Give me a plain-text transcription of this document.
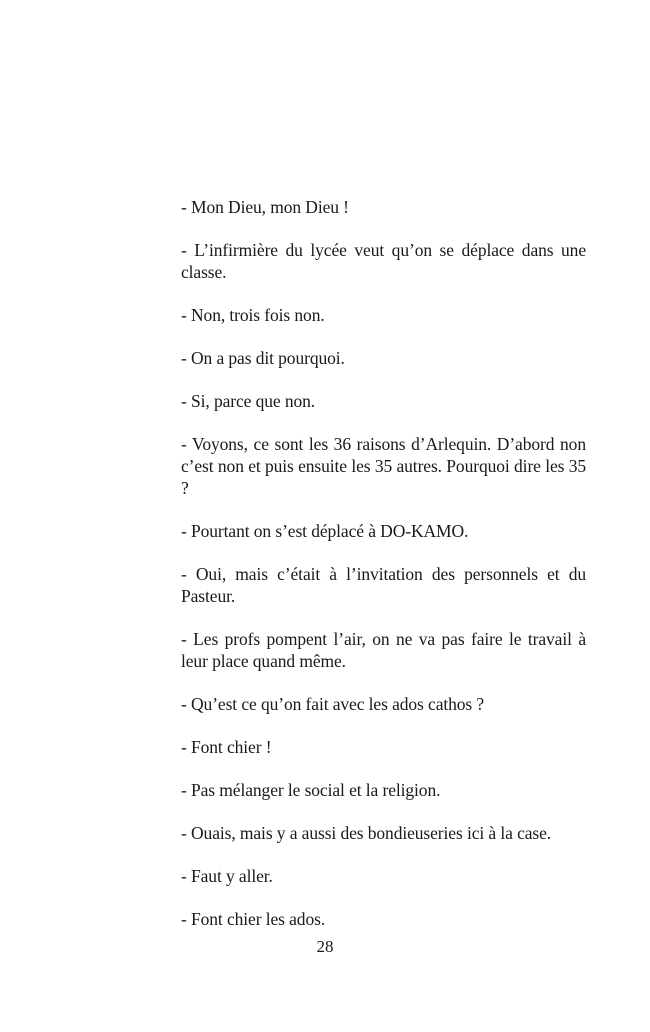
- Mon Dieu, mon Dieu !

- L’infirmière du lycée veut qu’on se déplace dans une classe.

- Non, trois fois non.

- On a pas dit pourquoi.

- Si, parce que non.

- Voyons, ce sont les 36 raisons d’Arlequin. D’abord non c’est non et puis ensuite les 35 autres. Pourquoi dire les 35 ?

- Pourtant on s’est déplacé à DO-KAMO.

- Oui, mais c’était à l’invitation des personnels et du Pasteur.

- Les profs pompent l’air, on ne va pas faire le travail à leur place quand même.

- Qu’est ce qu’on fait avec les ados cathos ?

- Font chier !

- Pas mélanger le social et la religion.

- Ouais, mais y a aussi des bondieuseries ici à la case.

- Faut y aller.

- Font chier les ados.

28
